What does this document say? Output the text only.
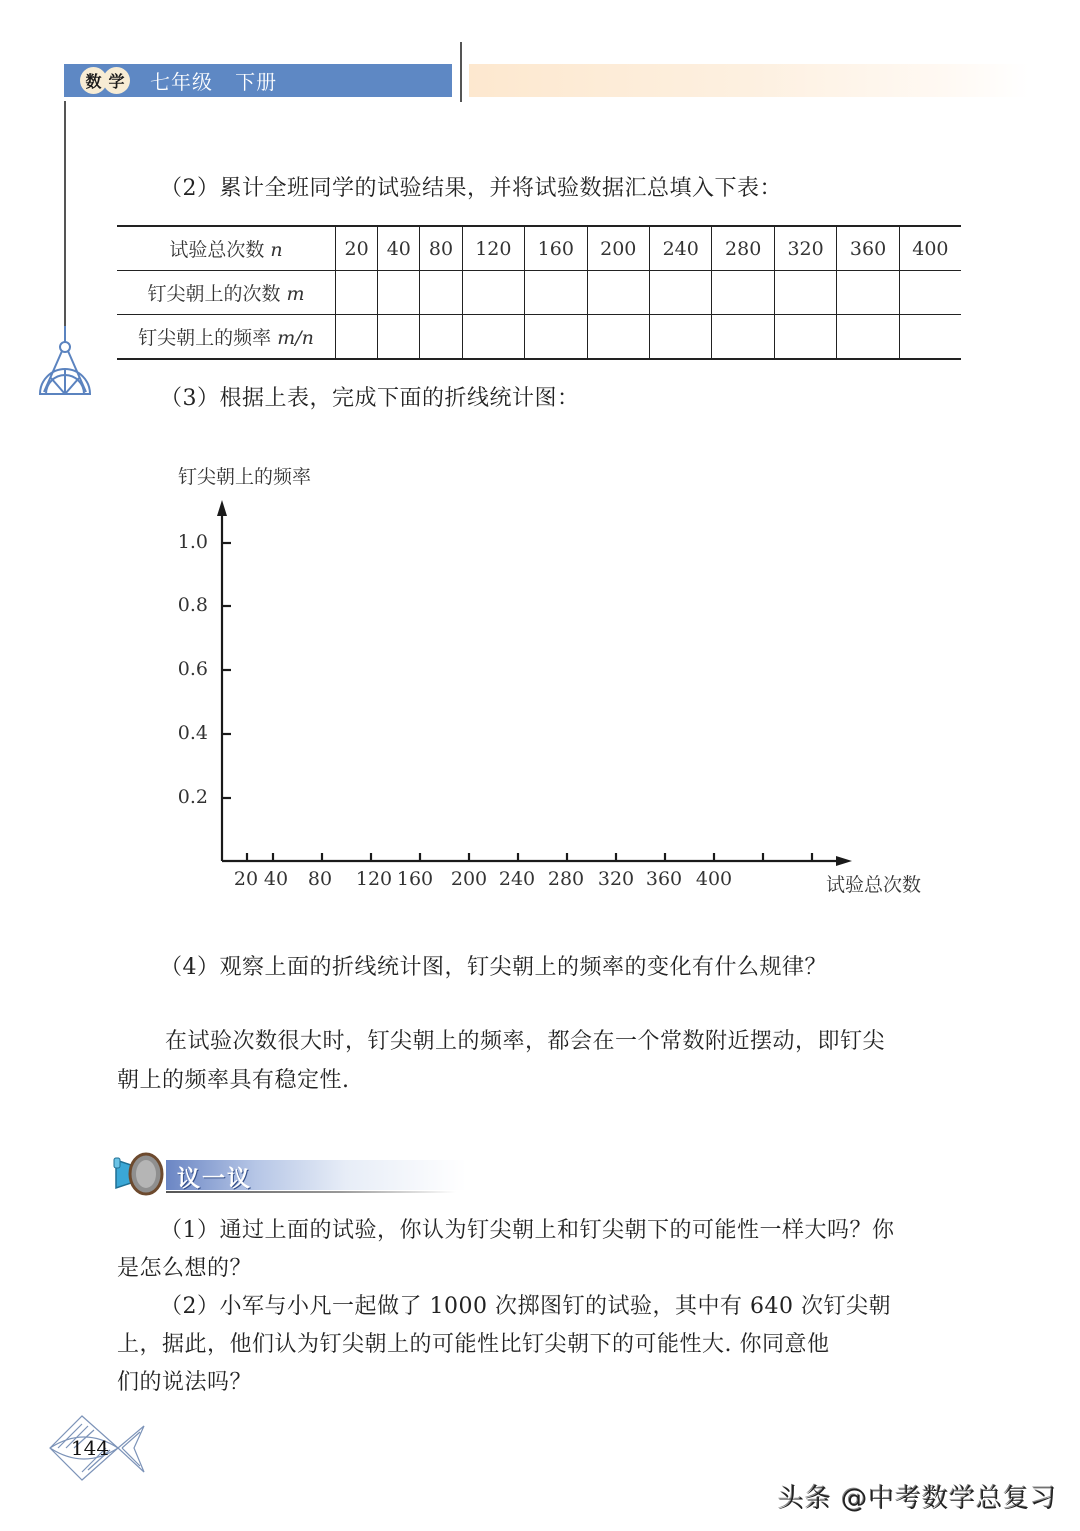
数 学 七年级   下册
（2）累计全班同学的试验结果，并将试验数据汇总填入下表：
试验总次数 n	20	40	80	120	160	200	240	280	320	360	400
钉尖朝上的次数 m											
钉尖朝上的频率 m/n											
（3）根据上表，完成下面的折线统计图：
钉尖朝上的频率
1.0
0.8
0.6
0.4
0.2
20 40 80 120 160 200 240 280 320 360 400	试验总次数
（4）观察上面的折线统计图，钉尖朝上的频率的变化有什么规律？
在试验次数很大时，钉尖朝上的频率，都会在一个常数附近摆动，即钉尖
朝上的频率具有稳定性.
议一议
（1）通过上面的试验，你认为钉尖朝上和钉尖朝下的可能性一样大吗？你
是怎么想的？
（2）小军与小凡一起做了 1000 次掷图钉的试验，其中有 640 次钉尖朝
上，据此，他们认为钉尖朝上的可能性比钉尖朝下的可能性大. 你同意他
们的说法吗？
144
头条 @中考数学总复习
